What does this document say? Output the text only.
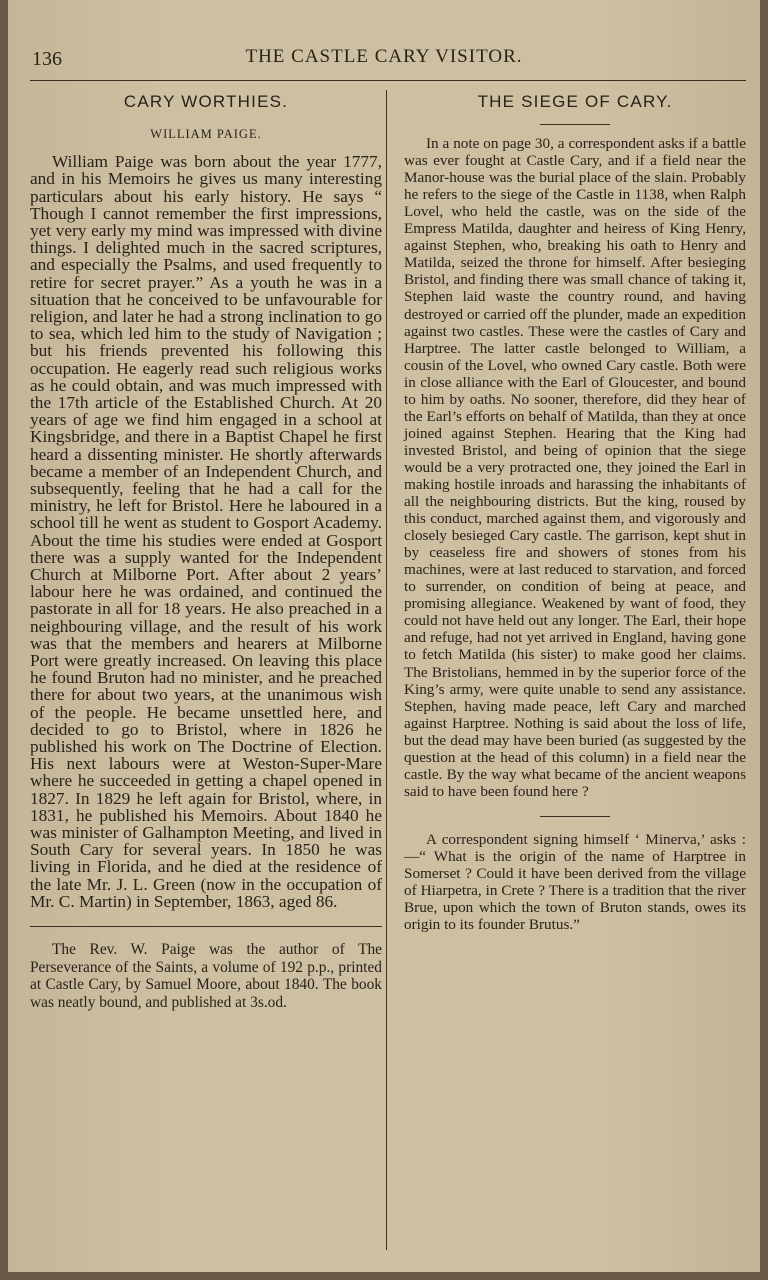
136	THE CASTLE CARY VISITOR.
CARY WORTHIES.
WILLIAM PAIGE.

William Paige was born about the year 1777, and in his Memoirs he gives us many interesting particulars about his early history. He says “ Though I cannot remember the first impressions, yet very early my mind was impressed with divine things. I delighted much in the sacred scriptures, and especially the Psalms, and used frequently to retire for secret prayer.” As a youth he was in a situation that he conceived to be unfavourable for religion, and later he had a strong inclination to go to sea, which led him to the study of Navigation ; but his friends prevented his following this occupation. He eagerly read such religious works as he could obtain, and was much impressed with the 17th article of the Established Church. At 20 years of age we find him engaged in a school at Kingsbridge, and there in a Baptist Chapel he first heard a dissenting minister. He shortly afterwards became a member of an Independent Church, and subsequently, feeling that he had a call for the ministry, he left for Bristol. Here he laboured in a school till he went as student to Gosport Academy. About the time his studies were ended at Gosport there was a supply wanted for the Independent Church at Milborne Port. After about 2 years’ labour here he was ordained, and continued the pastorate in all for 18 years. He also preached in a neighbouring village, and the result of his work was that the members and hearers at Milborne Port were greatly increased. On leaving this place he found Bruton had no minister, and he preached there for about two years, at the unanimous wish of the people. He became unsettled here, and decided to go to Bristol, where in 1826 he published his work on The Doctrine of Election. His next labours were at Weston-Super-Mare where he succeeded in getting a chapel opened in 1827. In 1829 he left again for Bristol, where, in 1831, he published his Memoirs. About 1840 he was minister of Galhampton Meeting, and lived in South Cary for several years. In 1850 he was living in Florida, and he died at the residence of the late Mr. J. L. Green (now in the occupation of Mr. C. Martin) in September, 1863, aged 86.

The Rev. W. Paige was the author of The Perseverance of the Saints, a volume of 192 p.p., printed at Castle Cary, by Samuel Moore, about 1840. The book was neatly bound, and published at 3s.od.

THE SIEGE OF CARY.

In a note on page 30, a correspondent asks if a battle was ever fought at Castle Cary, and if a field near the Manor-house was the burial place of the slain. Probably he refers to the siege of the Castle in 1138, when Ralph Lovel, who held the castle, was on the side of the Empress Matilda, daughter and heiress of King Henry, against Stephen, who, breaking his oath to Henry and Matilda, seized the throne for himself. After besieging Bristol, and finding there was small chance of taking it, Stephen laid waste the country round, and having destroyed or carried off the plunder, made an expedition against two castles. These were the castles of Cary and Harptree. The latter castle belonged to William, a cousin of the Lovel, who owned Cary castle. Both were in close alliance with the Earl of Gloucester, and bound to him by oaths. No sooner, therefore, did they hear of the Earl’s efforts on behalf of Matilda, than they at once joined against Stephen. Hearing that the King had invested Bristol, and being of opinion that the siege would be a very protracted one, they joined the Earl in making hostile inroads and harassing the inhabitants of all the neighbouring districts. But the king, roused by this conduct, marched against them, and vigorously and closely besieged Cary castle. The garrison, kept shut in by ceaseless fire and showers of stones from his machines, were at last reduced to starvation, and forced to surrender, on condition of being at peace, and promising allegiance. Weakened by want of food, they could not have held out any longer. The Earl, their hope and refuge, had not yet arrived in England, having gone to fetch Matilda (his sister) to make good her claims. The Bristolians, hemmed in by the superior force of the King’s army, were quite unable to send any assistance. Stephen, having made peace, left Cary and marched against Harptree. Nothing is said about the loss of life, but the dead may have been buried (as suggested by the question at the head of this column) in a field near the castle. By the way what became of the ancient weapons said to have been found here ?

A correspondent signing himself ‘ Minerva,’ asks :—“ What is the origin of the name of Harptree in Somerset ? Could it have been derived from the village of Hiarpetra, in Crete ? There is a tradition that the river Brue, upon which the town of Bruton stands, owes its origin to its founder Brutus.”
